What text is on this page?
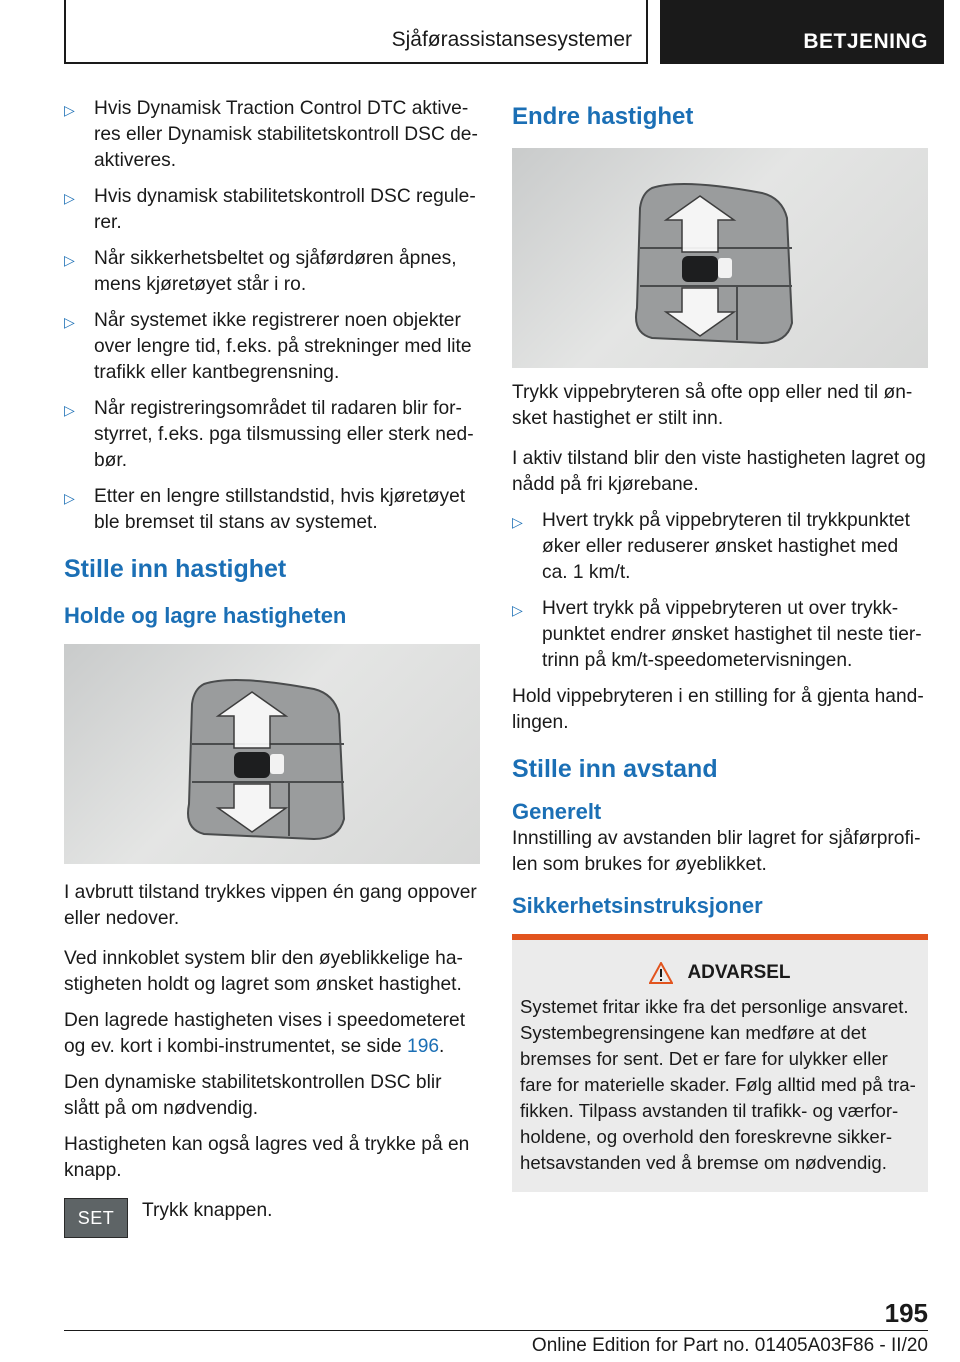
Sjåførassistansesystemer	BETJENING
▷	Hvis Dynamisk Traction Control DTC aktiveres eller Dynamisk stabilitetskontroll DSC deaktiveres.
▷	Hvis dynamisk stabilitetskontroll DSC regulerer.
▷	Når sikkerhetsbeltet og sjåførdøren åpnes, mens kjøretøyet står i ro.
▷	Når systemet ikke registrerer noen objekter over lengre tid, f.eks. på strekninger med lite trafikk eller kantbegrensning.
▷	Når registreringsområdet til radaren blir forstyrret, f.eks. pga tilsmussing eller sterk nedbør.
▷	Etter en lengre stillstandstid, hvis kjøretøyet ble bremset til stans av systemet.
Stille inn hastighet
Holde og lagre hastigheten
I avbrutt tilstand trykkes vippen én gang oppover eller nedover.
Ved innkoblet system blir den øyeblikkelige hastigheten holdt og lagret som ønsket hastighet.
Den lagrede hastigheten vises i speedometeret og ev. kort i kombi-instrumentet, se side 196.
Den dynamiske stabilitetskontrollen DSC blir slått på om nødvendig.
Hastigheten kan også lagres ved å trykke på en knapp.
SET	Trykk knappen.
Endre hastighet
Trykk vippebryteren så ofte opp eller ned til ønsket hastighet er stilt inn.
I aktiv tilstand blir den viste hastigheten lagret og nådd på fri kjørebane.
▷	Hvert trykk på vippebryteren til trykkpunktet øker eller reduserer ønsket hastighet med ca. 1 km/t.
▷	Hvert trykk på vippebryteren ut over trykkpunktet endrer ønsket hastighet til neste tiertrinn på km/t-speedometervisningen.
Hold vippebryteren i en stilling for å gjenta handlingen.
Stille inn avstand
Generelt
Innstilling av avstanden blir lagret for sjåførprofilen som brukes for øyeblikket.
Sikkerhetsinstruksjoner
ADVARSEL
Systemet fritar ikke fra det personlige ansvaret. Systembegrensingene kan medføre at det bremses for sent. Det er fare for ulykker eller fare for materielle skader. Følg alltid med på trafikken. Tilpass avstanden til trafikk- og værforholdene, og overhold den foreskrevne sikkerhetsavstanden ved å bremse om nødvendig.
195
Online Edition for Part no. 01405A03F86 - II/20
